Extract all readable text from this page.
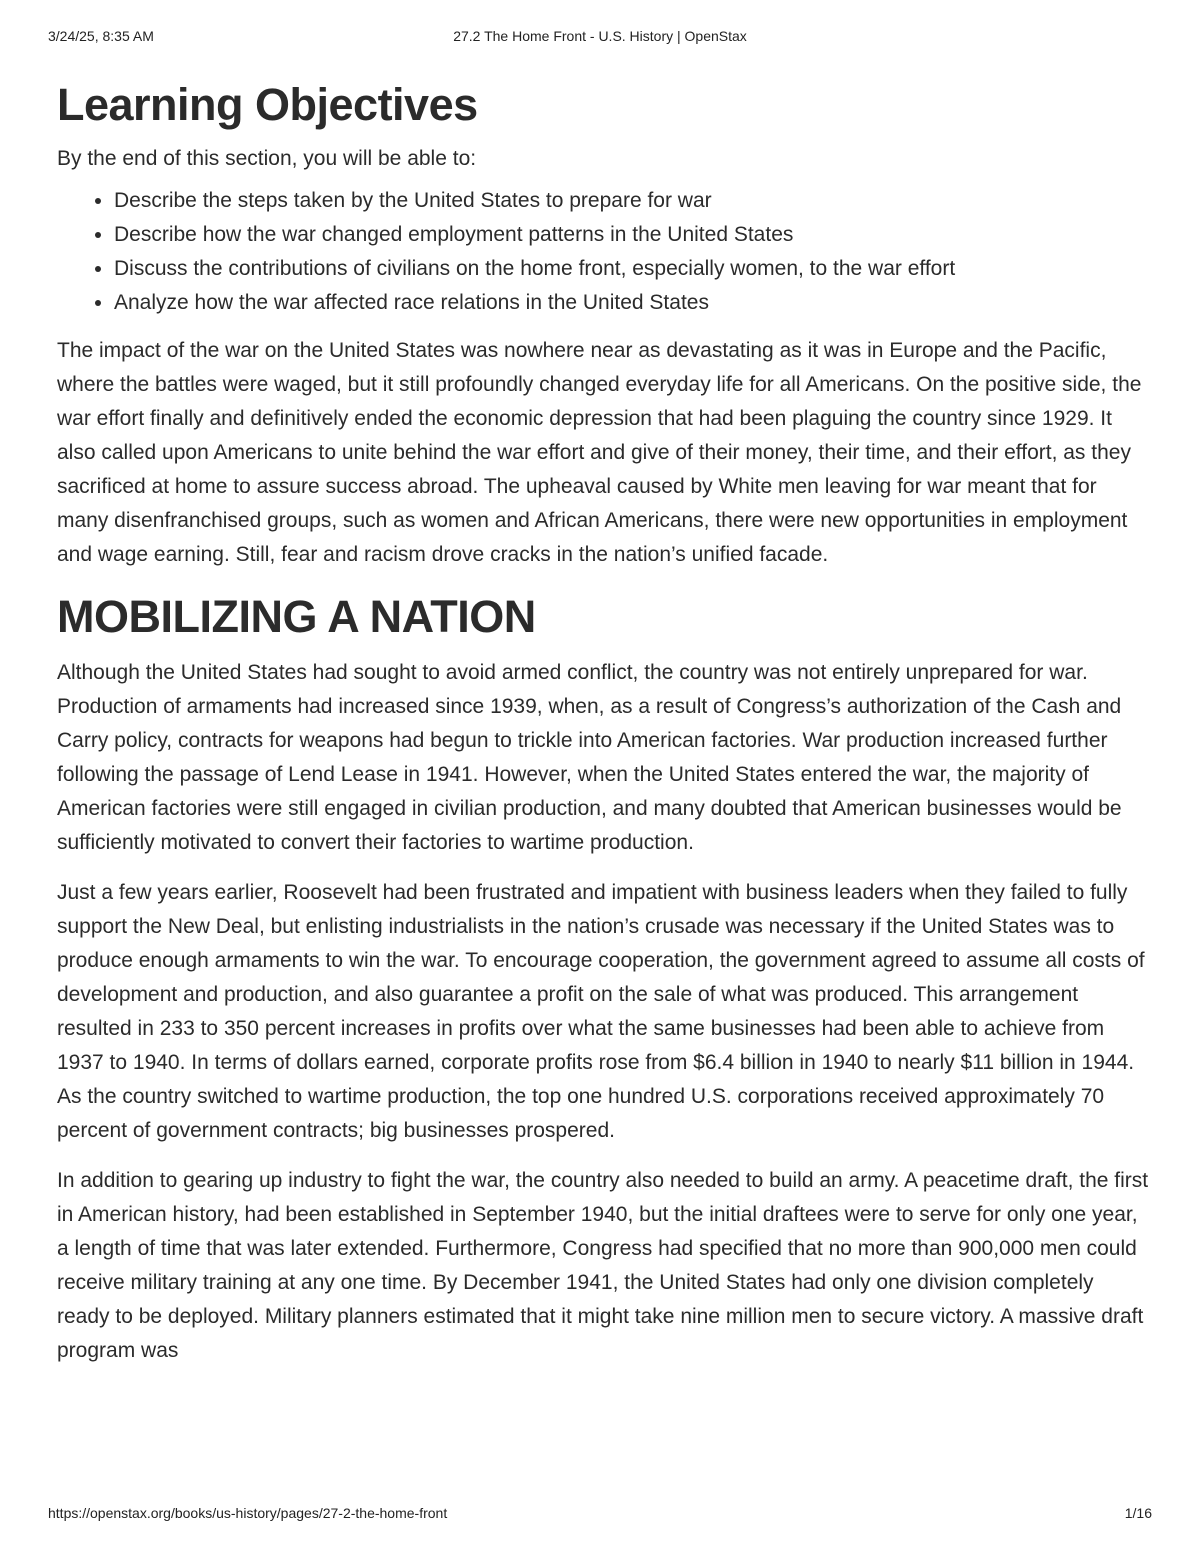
3/24/25, 8:35 AM	27.2 The Home Front - U.S. History | OpenStax
Learning Objectives

By the end of this section, you will be able to:

• Describe the steps taken by the United States to prepare for war
• Describe how the war changed employment patterns in the United States
• Discuss the contributions of civilians on the home front, especially women, to the war effort
• Analyze how the war affected race relations in the United States

The impact of the war on the United States was nowhere near as devastating as it was in Europe and the Pacific, where the battles were waged, but it still profoundly changed everyday life for all Americans. On the positive side, the war effort finally and definitively ended the economic depression that had been plaguing the country since 1929. It also called upon Americans to unite behind the war effort and give of their money, their time, and their effort, as they sacrificed at home to assure success abroad. The upheaval caused by White men leaving for war meant that for many disenfranchised groups, such as women and African Americans, there were new opportunities in employment and wage earning. Still, fear and racism drove cracks in the nation’s unified facade.

MOBILIZING A NATION

Although the United States had sought to avoid armed conflict, the country was not entirely unprepared for war. Production of armaments had increased since 1939, when, as a result of Congress’s authorization of the Cash and Carry policy, contracts for weapons had begun to trickle into American factories. War production increased further following the passage of Lend Lease in 1941. However, when the United States entered the war, the majority of American factories were still engaged in civilian production, and many doubted that American businesses would be sufficiently motivated to convert their factories to wartime production.

Just a few years earlier, Roosevelt had been frustrated and impatient with business leaders when they failed to fully support the New Deal, but enlisting industrialists in the nation’s crusade was necessary if the United States was to produce enough armaments to win the war. To encourage cooperation, the government agreed to assume all costs of development and production, and also guarantee a profit on the sale of what was produced. This arrangement resulted in 233 to 350 percent increases in profits over what the same businesses had been able to achieve from 1937 to 1940. In terms of dollars earned, corporate profits rose from $6.4 billion in 1940 to nearly $11 billion in 1944. As the country switched to wartime production, the top one hundred U.S. corporations received approximately 70 percent of government contracts; big businesses prospered.

In addition to gearing up industry to fight the war, the country also needed to build an army. A peacetime draft, the first in American history, had been established in September 1940, but the initial draftees were to serve for only one year, a length of time that was later extended. Furthermore, Congress had specified that no more than 900,000 men could receive military training at any one time. By December 1941, the United States had only one division completely ready to be deployed. Military planners estimated that it might take nine million men to secure victory. A massive draft program was

https://openstax.org/books/us-history/pages/27-2-the-home-front	1/16
